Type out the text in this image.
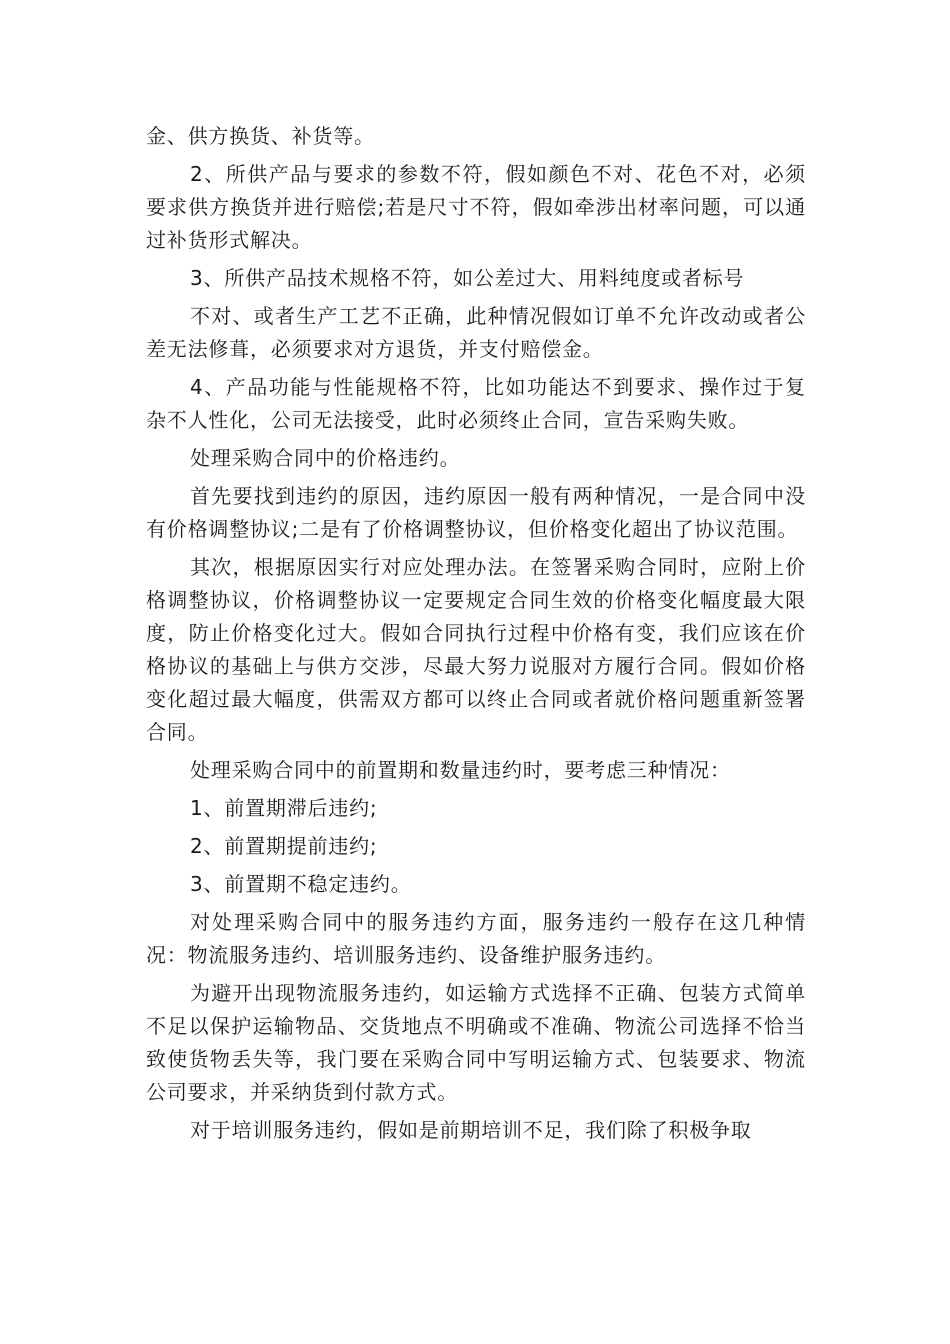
金、供方换货、补货等。

2、所供产品与要求的参数不符，假如颜色不对、花色不对，必须要求供方换货并进行赔偿;若是尺寸不符，假如牵涉出材率问题，可以通过补货形式解决。

3、所供产品技术规格不符，如公差过大、用料纯度或者标号

不对、或者生产工艺不正确，此种情况假如订单不允许改动或者公差无法修葺，必须要求对方退货，并支付赔偿金。

4、产品功能与性能规格不符，比如功能达不到要求、操作过于复杂不人性化，公司无法接受，此时必须终止合同，宣告采购失败。

处理采购合同中的价格违约。

首先要找到违约的原因，违约原因一般有两种情况，一是合同中没有价格调整协议;二是有了价格调整协议，但价格变化超出了协议范围。

其次，根据原因实行对应处理办法。在签署采购合同时，应附上价格调整协议，价格调整协议一定要规定合同生效的价格变化幅度最大限度，防止价格变化过大。假如合同执行过程中价格有变，我们应该在价格协议的基础上与供方交涉，尽最大努力说服对方履行合同。假如价格变化超过最大幅度，供需双方都可以终止合同或者就价格问题重新签署合同。

处理采购合同中的前置期和数量违约时，要考虑三种情况：

1、前置期滞后违约;

2、前置期提前违约;

3、前置期不稳定违约。

对处理采购合同中的服务违约方面，服务违约一般存在这几种情况：物流服务违约、培训服务违约、设备维护服务违约。

为避开出现物流服务违约，如运输方式选择不正确、包装方式简单不足以保护运输物品、交货地点不明确或不准确、物流公司选择不恰当致使货物丢失等，我门要在采购合同中写明运输方式、包装要求、物流公司要求，并采纳货到付款方式。

对于培训服务违约，假如是前期培训不足，我们除了积极争取
